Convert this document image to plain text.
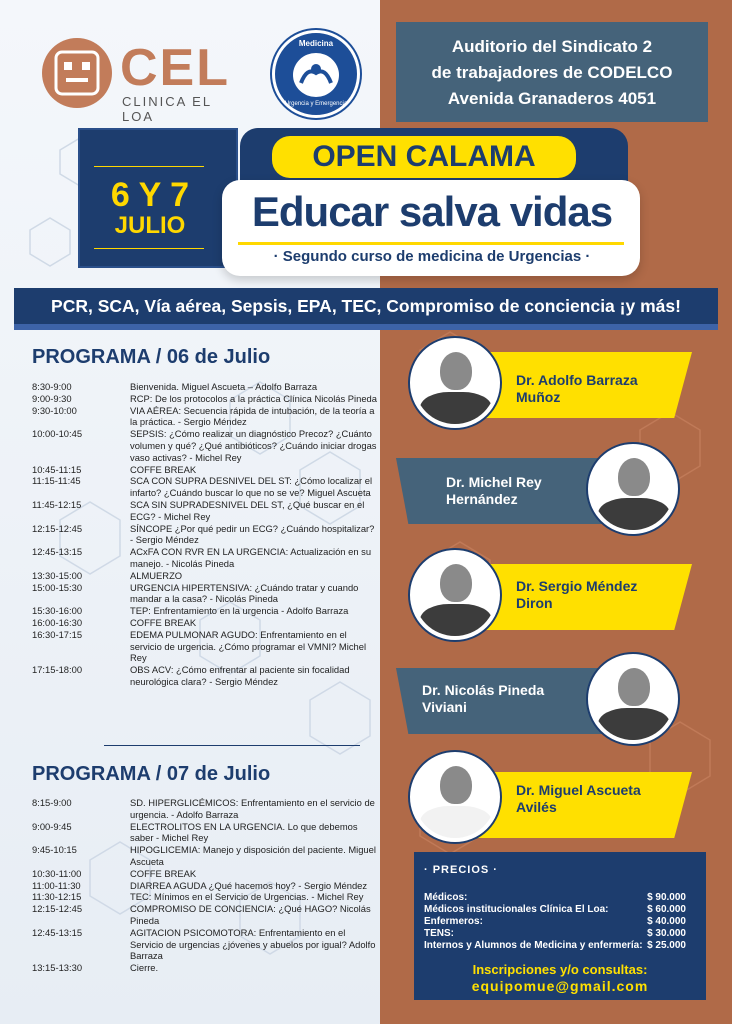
CEL
CLINICA EL LOA
Medicina
Urgencia y Emergencia
Auditorio del Sindicato 2
de trabajadores de CODELCO
Avenida Granaderos 4051
6 Y 7
JULIO
OPEN CALAMA
Educar salva vidas
· Segundo curso de medicina de Urgencias ·
PCR, SCA, Vía aérea, Sepsis, EPA, TEC, Compromiso de conciencia ¡y más!
PROGRAMA / 06 de Julio
8:30-9:00	Bienvenida. Miguel Ascueta – Adolfo Barraza
9:00-9:30	RCP: De los protocolos a la práctica Clínica Nicolás Pineda
9:30-10:00	VIA AÉREA: Secuencia rápida de intubación, de la teoría a la práctica. - Sergio Méndez
10:00-10:45	SEPSIS: ¿Cómo realizar un diagnóstico Precoz? ¿Cuánto volumen y qué? ¿Qué antibióticos? ¿Cuándo iniciar drogas vaso activas? - Michel Rey
10:45-11:15	COFFE BREAK
11:15-11:45	SCA CON SUPRA DESNIVEL DEL ST: ¿Cómo localizar el infarto? ¿Cuándo buscar lo que no se ve? Miguel Ascueta
11:45-12:15	SCA SIN SUPRADESNIVEL DEL ST, ¿Qué buscar en el ECG? - Michel Rey
12:15-12:45	SÍNCOPE ¿Por qué pedir un ECG? ¿Cuándo hospitalizar? - Sergio Méndez
12:45-13:15	ACxFA CON RVR EN LA URGENCIA: Actualización en su manejo. - Nicolás Pineda
13:30-15:00	ALMUERZO
15:00-15:30	URGENCIA HIPERTENSIVA: ¿Cuándo tratar y cuando mandar a la casa? - Nicolás Pineda
15:30-16:00	TEP: Enfrentamiento en la urgencia - Adolfo Barraza
16:00-16:30	COFFE BREAK
16:30-17:15	EDEMA PULMONAR AGUDO: Enfrentamiento en el servicio de urgencia. ¿Cómo programar el VMNI? Michel Rey
17:15-18:00	OBS ACV: ¿Cómo enfrentar al paciente sin focalidad neurológica clara? - Sergio Méndez
PROGRAMA / 07 de Julio
8:15-9:00	SD. HIPERGLICÉMICOS: Enfrentamiento en el servicio de urgencia. - Adolfo Barraza
9:00-9:45	ELECTROLITOS EN LA URGENCIA. Lo que debemos saber - Michel Rey
9:45-10:15	HIPOGLICEMIA: Manejo y disposición del paciente. Miguel Ascueta
10:30-11:00	COFFE BREAK
11:00-11:30	DIARREA AGUDA ¿Qué hacemos hoy? - Sergio Méndez
11:30-12:15	TEC: Mínimos en el Servicio de Urgencias. - Michel Rey
12:15-12:45	COMPROMISO DE CONCIENCIA: ¿Qué HAGO? Nicolás Pineda
12:45-13:15	AGITACION PSICOMOTORA: Enfrentamiento en el Servicio de urgencias ¿jóvenes y abuelos por igual? Adolfo Barraza
13:15-13:30	Cierre.
Dr. Adolfo Barraza
Muñoz
Dr. Michel Rey
Hernández
Dr. Sergio Méndez
Diron
Dr. Nicolás Pineda
Viviani
Dr. Miguel Ascueta
Avilés
· PRECIOS ·
Médicos:	$ 90.000
Médicos institucionales Clínica El Loa:	$ 60.000
Enfermeros:	$ 40.000
TENS:	$ 30.000
Internos y Alumnos de Medicina y enfermería: $ 25.000
Inscripciones y/o consultas:
equipomue@gmail.com
